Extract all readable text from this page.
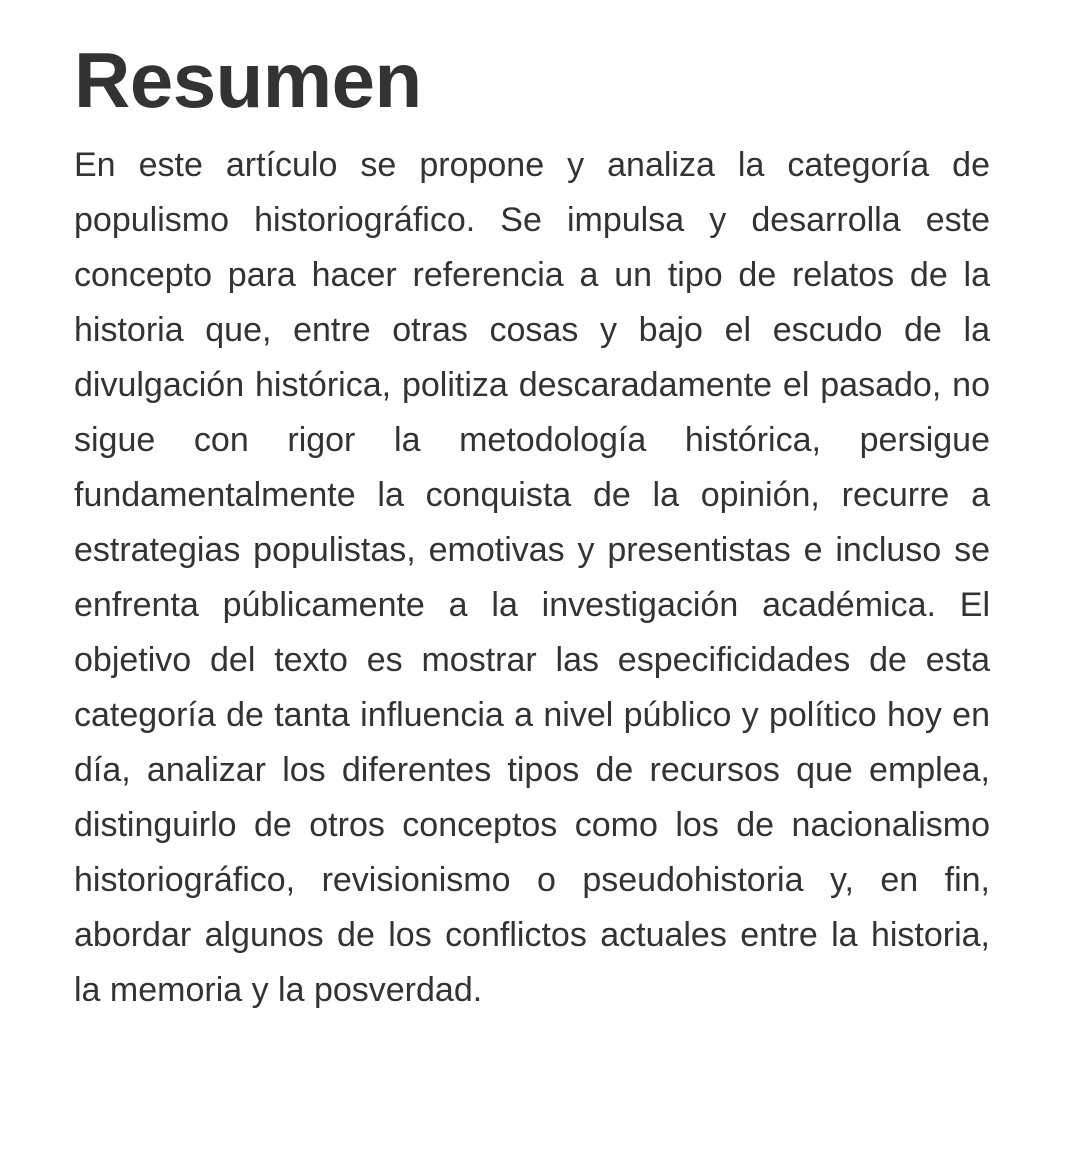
Resumen

En este artículo se propone y analiza la categoría de populismo historiográfico. Se impulsa y desarrolla este concepto para hacer referencia a un tipo de relatos de la historia que, entre otras cosas y bajo el escudo de la divulgación histórica, politiza descaradamente el pasado, no sigue con rigor la metodología histórica, persigue fundamentalmente la conquista de la opinión, recurre a estrategias populistas, emotivas y presentistas e incluso se enfrenta públicamente a la investigación académica. El objetivo del texto es mostrar las especificidades de esta categoría de tanta influencia a nivel público y político hoy en día, analizar los diferentes tipos de recursos que emplea, distinguirlo de otros conceptos como los de nacionalismo historiográfico, revisionismo o pseudohistoria y, en fin, abordar algunos de los conflictos actuales entre la historia, la memoria y la posverdad.
